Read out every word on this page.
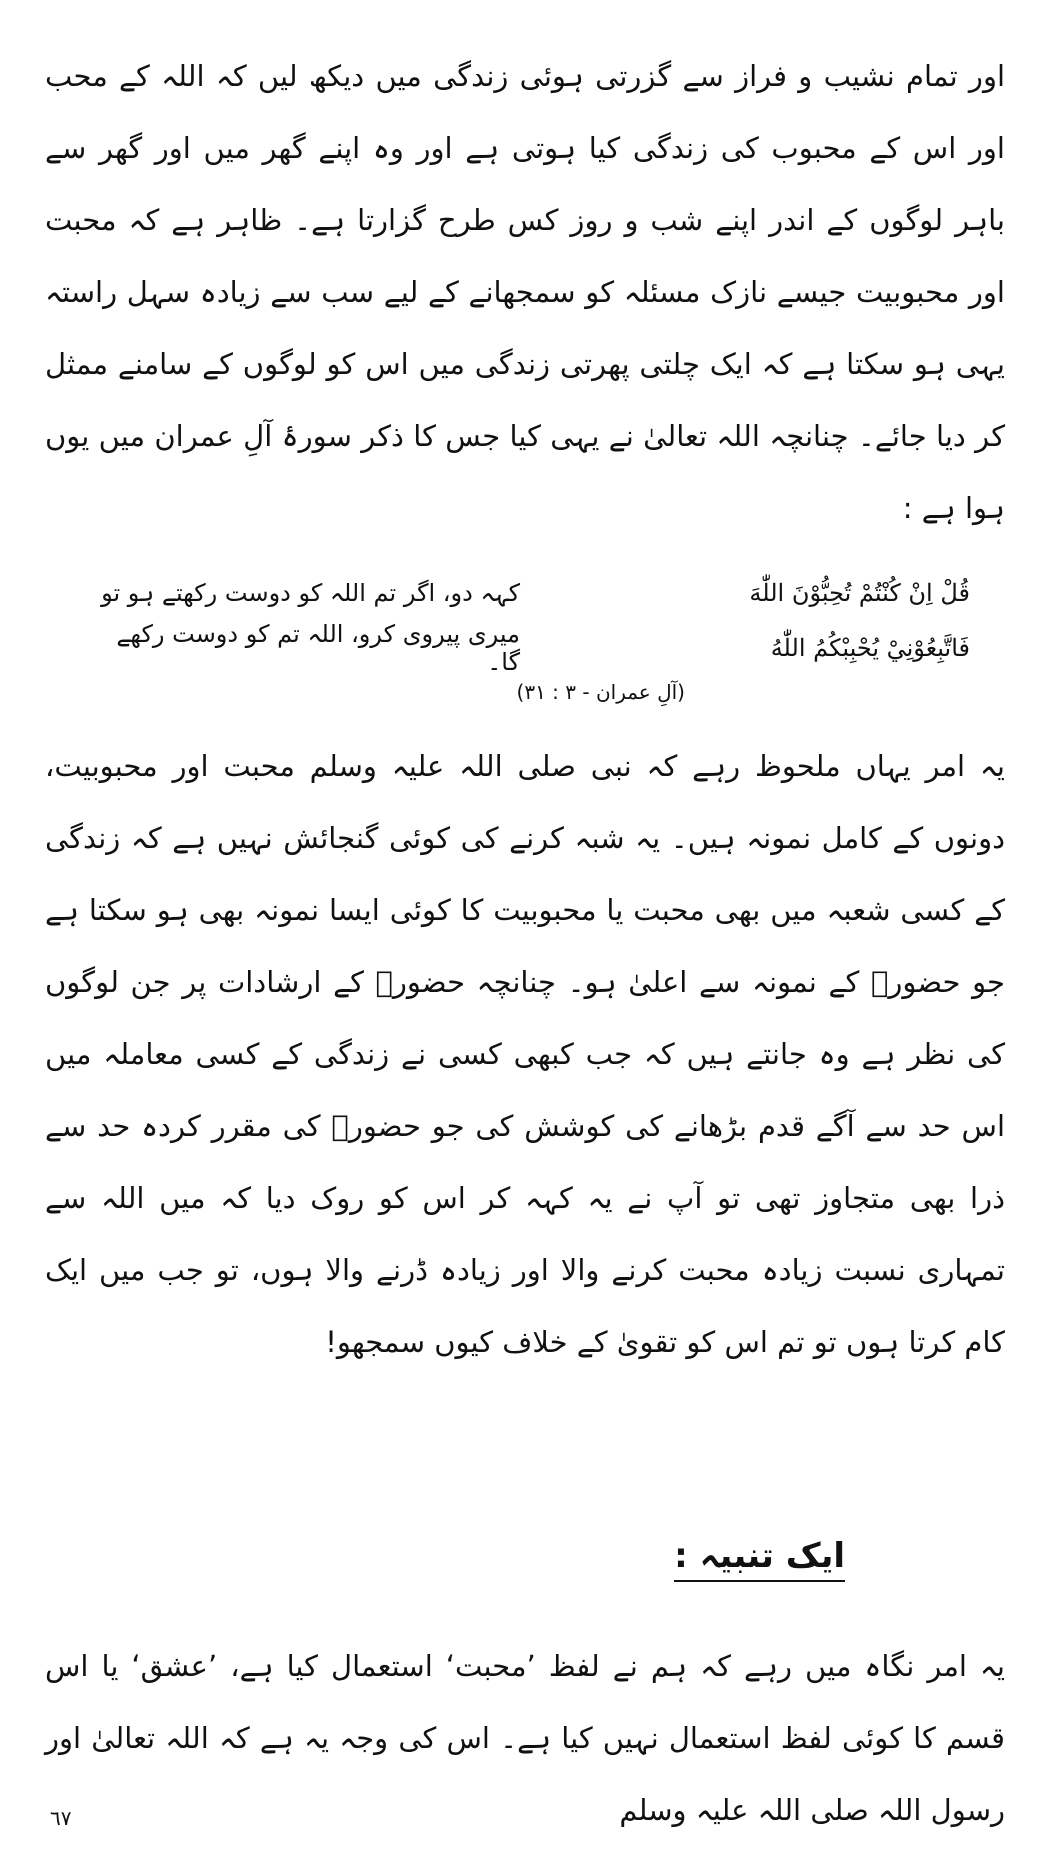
اور تمام نشیب و فراز سے گزرتی ہوئی زندگی میں دیکھ لیں کہ اللہ کے محب اور اس کے محبوب کی زندگی کیا ہوتی ہے اور وہ اپنے گھر میں اور گھر سے باہر لوگوں کے اندر اپنے شب و روز کس طرح گزارتا ہے۔ ظاہر ہے کہ محبت اور محبوبیت جیسے نازک مسئلہ کو سمجھانے کے لیے سب سے زیادہ سہل راستہ یہی ہو سکتا ہے کہ ایک چلتی پھرتی زندگی میں اس کو لوگوں کے سامنے ممثل کر دیا جائے۔ چنانچہ اللہ تعالیٰ نے یہی کیا جس کا ذکر سورۂ آلِ عمران میں یوں ہوا ہے :

قُلْ اِنْ كُنْتُمْ تُحِبُّوْنَ اللّٰهَ
کہہ دو، اگر تم اللہ کو دوست رکھتے ہو تو
فَاتَّبِعُوْنِيْ يُحْبِبْكُمُ اللّٰهُ
میری پیروی کرو، اللہ تم کو دوست رکھے گا۔
(آلِ عمران - ۳ : ۳۱)

یہ امر یہاں ملحوظ رہے کہ نبی صلی اللہ علیہ وسلم محبت اور محبوبیت، دونوں کے کامل نمونہ ہیں۔ یہ شبہ کرنے کی کوئی گنجائش نہیں ہے کہ زندگی کے کسی شعبہ میں بھی محبت یا محبوبیت کا کوئی ایسا نمونہ بھی ہو سکتا ہے جو حضورؐ کے نمونہ سے اعلیٰ ہو۔ چنانچہ حضورؐ کے ارشادات پر جن لوگوں کی نظر ہے وہ جانتے ہیں کہ جب کبھی کسی نے زندگی کے کسی معاملہ میں اس حد سے آگے قدم بڑھانے کی کوشش کی جو حضورؐ کی مقرر کردہ حد سے ذرا بھی متجاوز تھی تو آپ نے یہ کہہ کر اس کو روک دیا کہ میں اللہ سے تمہاری نسبت زیادہ محبت کرنے والا اور زیادہ ڈرنے والا ہوں، تو جب میں ایک کام کرتا ہوں تو تم اس کو تقویٰ کے خلاف کیوں سمجھو!

ایک تنبیہ :

یہ امر نگاہ میں رہے کہ ہم نے لفظ ’محبت‘ استعمال کیا ہے، ’عشق‘ یا اس قسم کا کوئی لفظ استعمال نہیں کیا ہے۔ اس کی وجہ یہ ہے کہ اللہ تعالیٰ اور رسول اللہ صلی اللہ علیہ وسلم

٦٧
